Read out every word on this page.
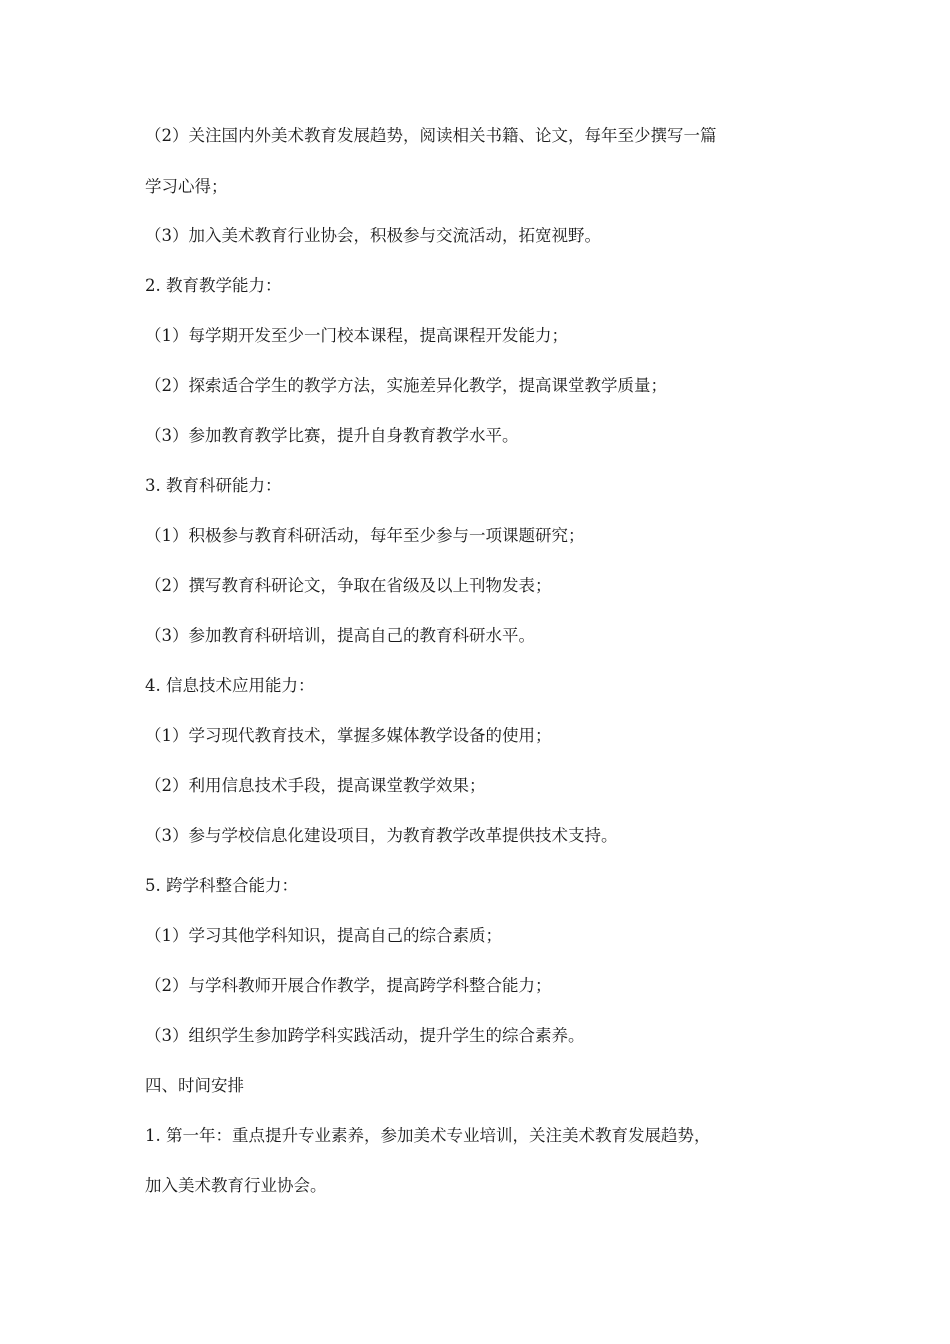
（2）关注国内外美术教育发展趋势，阅读相关书籍、论文，每年至少撰写一篇
学习心得；
（3）加入美术教育行业协会，积极参与交流活动，拓宽视野。
2. 教育教学能力：
（1）每学期开发至少一门校本课程，提高课程开发能力；
（2）探索适合学生的教学方法，实施差异化教学，提高课堂教学质量；
（3）参加教育教学比赛，提升自身教育教学水平。
3. 教育科研能力：
（1）积极参与教育科研活动，每年至少参与一项课题研究；
（2）撰写教育科研论文，争取在省级及以上刊物发表；
（3）参加教育科研培训，提高自己的教育科研水平。
4. 信息技术应用能力：
（1）学习现代教育技术，掌握多媒体教学设备的使用；
（2）利用信息技术手段，提高课堂教学效果；
（3）参与学校信息化建设项目，为教育教学改革提供技术支持。
5. 跨学科整合能力：
（1）学习其他学科知识，提高自己的综合素质；
（2）与学科教师开展合作教学，提高跨学科整合能力；
（3）组织学生参加跨学科实践活动，提升学生的综合素养。
四、时间安排
1. 第一年：重点提升专业素养，参加美术专业培训，关注美术教育发展趋势，
加入美术教育行业协会。
